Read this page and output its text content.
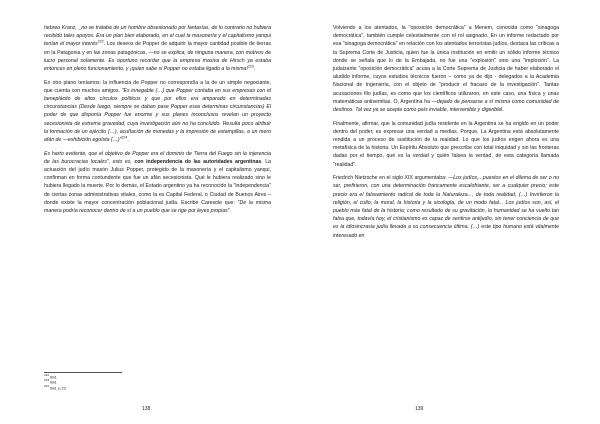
hebreo Kranz, _no se trataba de un hombre obsesionado por fantasías, de lo contrario no hubiera recibido tales apoyos. Era un plan bien elaborado, en el cual la masonería y el capitalismo yanqui tenían el mayor interés$^{222}$. Los deseos de Popper de adquirir la mayor cantidad posible de tierras en la Patagonia y en las zonas patagónicas, —no se explica, de ninguna manera, con motivos de lucro personal solamente. Es oportuno recordar que la empresa masiva de Hirsch ya estaba entonces en pleno funcionamiento, y ¡quien sabe si Popper no estaba ligado a la misma!$^{223}$.

En otro plano teníamos: la influencia de Popper no correspondía a la de un simple negociante, que cuenta con muchos amigos. "Es innegable (…) que Popper contaba en sus empresas con el beneplácito de altos círculos políticos y que por ellos era amparado en determinadas circunstancias (Desde luego, siempre se daban pase Popper esas determinas circunstancias) El poder de que disponía Popper fue enorme y sus planes inconclusos revelan un proyecto secesionista de extrema gravedad, cuya investigación aún no ha concluido. Resulta poco atribuir la formación de un ejército (…), acuñación de monedas y la impresión de estampillas, a un mero afán de —exhibición egoísta (…)"$^{224}$.

Es harto evidente, que el objetivo de Popper era el dominio de Tierra del Fuego sin la injerencia de las burocracias locales", esto es, con independencia de las autoridades argentinas. La actuación del judío masón Julius Popper, protegido de la masonería y el capitalismo yanqui, confirman en forma contundente que fue un afán secesionista. Qué le hubiera realizado sino le hubiera llegado la muerte. Por lo demás, el Estado argentino ya ha reconocido la "independencia" de ciertas zonas administrativas vitales, como la ex Capital Federal, o Ciudad de Buenos Aires – donde existe la mayor concentración poblacional judía. Escribe Caresole que: "De la misma manera podría reconocer dentro de sí a un pueblo que se rige por leyes propias".

$^{222}$ Ibid.
$^{223}$ Ibid.
$^{224}$ Ibid. p.23
138

Volviendo a los atentados, la "oposición democrática" a Menem, conocida como "sinagoga democrática", también cumple celestialmente con el rol asignado. En un informe redactado por esa "sinagoga democrática" en relación con los atentados terroristas judíos, destaca las críticas a la Suprema Corte de Justicia, quien fue la única institución en emitir un sólido informe técnico donde se señala que lo de la Embajada, no fue una "explosión" sino una "implosión". La judaizante "oposición democrática" acusa a la Corte Suprema de Justicia de haber elaborado el aludido informe, cuyos estudios técnicos fueron – como ya de dijo - delegados a la Academia Nacional de Ingeniería, con el objeto de "producir el fracaso de la investigación". Tantas acusaciones filo judías, es como que los científicos utilizaron, en este caso, una física y unas matemáticas antisemitas. O, Argentina ha —dejado de pensarse a sí misma como comunidad de destinos. Tal vez ya se acepte como país inviable, intervenible y digeriblel.

Finalmente, afirmar, que la comunidad judía residente en la Argentina se ha erigido en un poder dentro del poder, es expresar una verdad a medias. Porque, La Argentina está absolutamente rendida a un proceso de sustitución de la realidad. Lo que los judíos erigen ahora es una metafísica de la historia. Un Espíritu Absoluto que prescribe con total iniquidad y sin las fronteras dadas por el tiempo, qué es la verdad y quién falsea la verdad, de esta categoría llamada "realidad".

Friedrich Nietzsche en el siglo XIX argumentaba: —Los judíos,...puestos en el dilema de ser o no ser, prefirieron, con una determinación francamente escalofriante, ser a cualquier precio; este precio era el falseamiento radical de toda la Naturaleza..., de toda realidad, (…) Invirtieron la religión, el culto, la moral, la historia y la sicología, de un modo fatal... Los judíos son, así, el pueblo más fatal de la historia; como resultado de su gravitación, la humanidad se ha vuelto tan falsa que, todavía hoy, el cristianismo es capaz de sentirse antijudío, sin tener conciencia de que es la idiosincrasia judía llevada a su consecuencia última. (…) este tipo humano está vitalmente interesado en

139
